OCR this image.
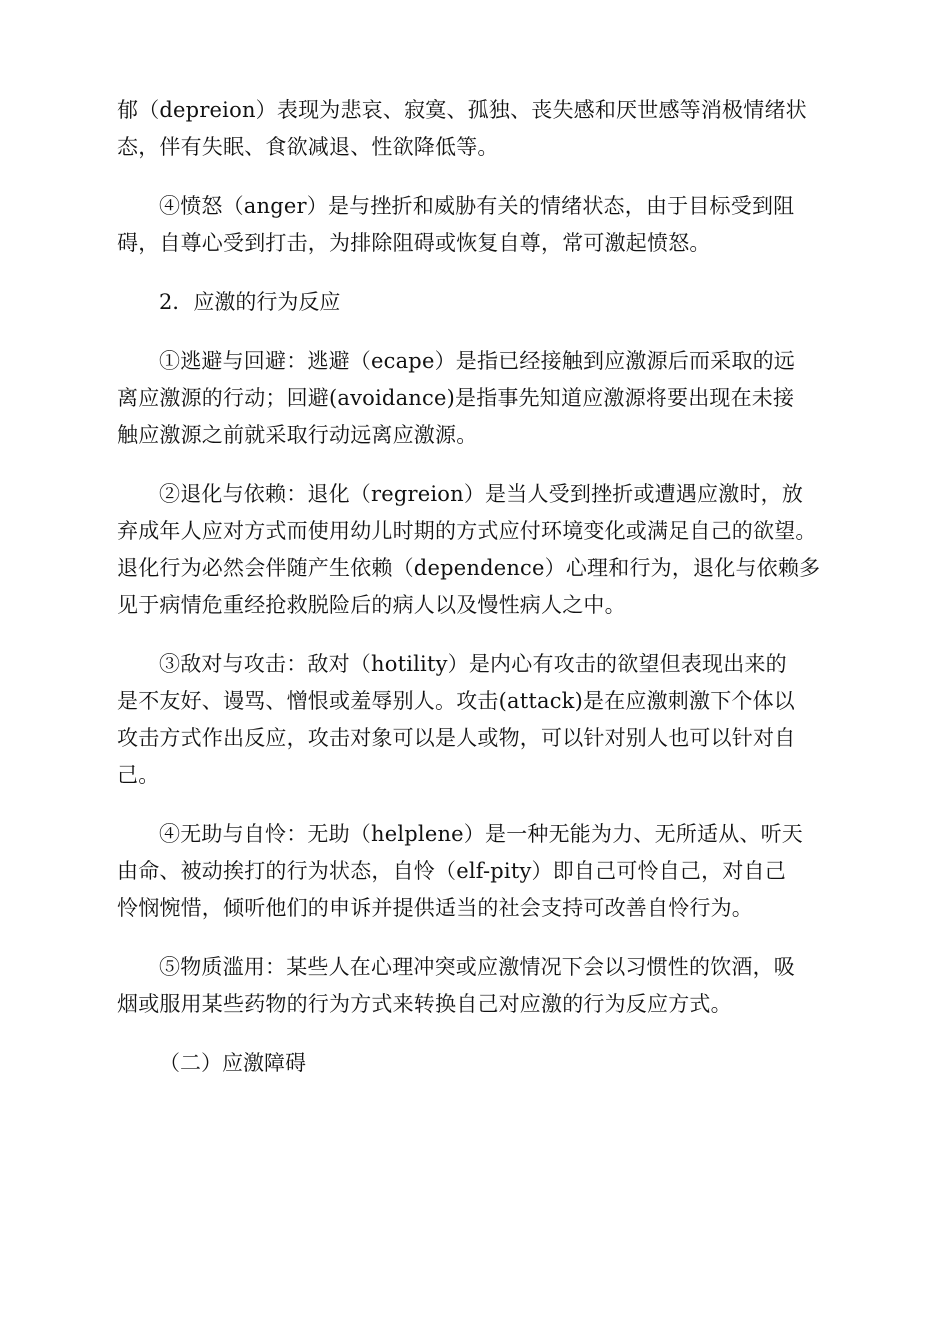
郁（depreion）表现为悲哀、寂寞、孤独、丧失感和厌世感等消极情绪状
态，伴有失眠、食欲减退、性欲降低等。

④愤怒（anger）是与挫折和威胁有关的情绪状态，由于目标受到阻
碍，自尊心受到打击，为排除阻碍或恢复自尊，常可激起愤怒。

2．应激的行为反应

①逃避与回避：逃避（ecape）是指已经接触到应激源后而采取的远
离应激源的行动；回避(avoidance)是指事先知道应激源将要出现在未接
触应激源之前就采取行动远离应激源。

②退化与依赖：退化（regreion）是当人受到挫折或遭遇应激时，放
弃成年人应对方式而使用幼儿时期的方式应付环境变化或满足自己的欲望。
退化行为必然会伴随产生依赖（dependence）心理和行为，退化与依赖多
见于病情危重经抢救脱险后的病人以及慢性病人之中。

③敌对与攻击：敌对（hotility）是内心有攻击的欲望但表现出来的
是不友好、谩骂、憎恨或羞辱别人。攻击(attack)是在应激刺激下个体以
攻击方式作出反应，攻击对象可以是人或物，可以针对别人也可以针对自
己。

④无助与自怜：无助（helplene）是一种无能为力、无所适从、听天
由命、被动挨打的行为状态，自怜（elf-pity）即自己可怜自己，对自己
怜悯惋惜，倾听他们的申诉并提供适当的社会支持可改善自怜行为。

⑤物质滥用：某些人在心理冲突或应激情况下会以习惯性的饮酒，吸
烟或服用某些药物的行为方式来转换自己对应激的行为反应方式。

（二）应激障碍
